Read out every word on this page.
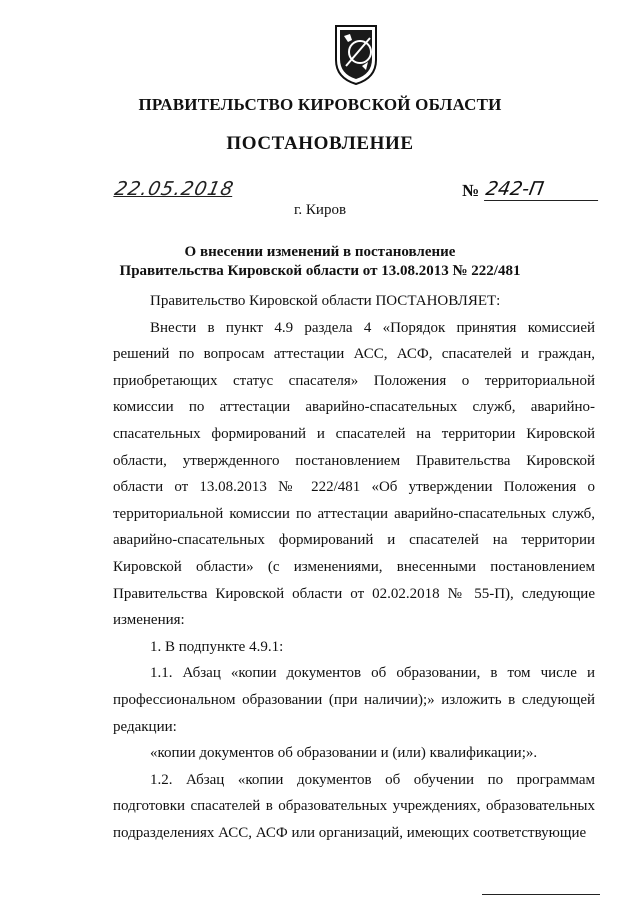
ПРАВИТЕЛЬСТВО КИРОВСКОЙ ОБЛАСТИ
ПОСТАНОВЛЕНИЕ
22.05.2018	№ 242-П
г. Киров
О внесении изменений в постановление
Правительства Кировской области от 13.08.2013 № 222/481

Правительство Кировской области ПОСТАНОВЛЯЕТ:

Внести в пункт 4.9 раздела 4 «Порядок принятия комиссией решений по вопросам аттестации АСС, АСФ, спасателей и граждан, приобретающих статус спасателя» Положения о территориальной комиссии по аттестации аварийно-спасательных служб, аварийно-спасательных формирований и спасателей на территории Кировской области, утвержденного постановлением Правительства Кировской области от 13.08.2013 № 222/481 «Об утверждении Положения о территориальной комиссии по аттестации аварийно-спасательных служб, аварийно-спасательных формирований и спасателей на территории Кировской области» (с изменениями, внесенными постановлением Правительства Кировской области от 02.02.2018 № 55-П), следующие изменения:

1. В подпункте 4.9.1:

1.1. Абзац «копии документов об образовании, в том числе и профессиональном образовании (при наличии);» изложить в следующей редакции:

«копии документов об образовании и (или) квалификации;».

1.2. Абзац «копии документов об обучении по программам подготовки спасателей в образовательных учреждениях, образовательных подразделениях АСС, АСФ или организаций, имеющих соответствующие
